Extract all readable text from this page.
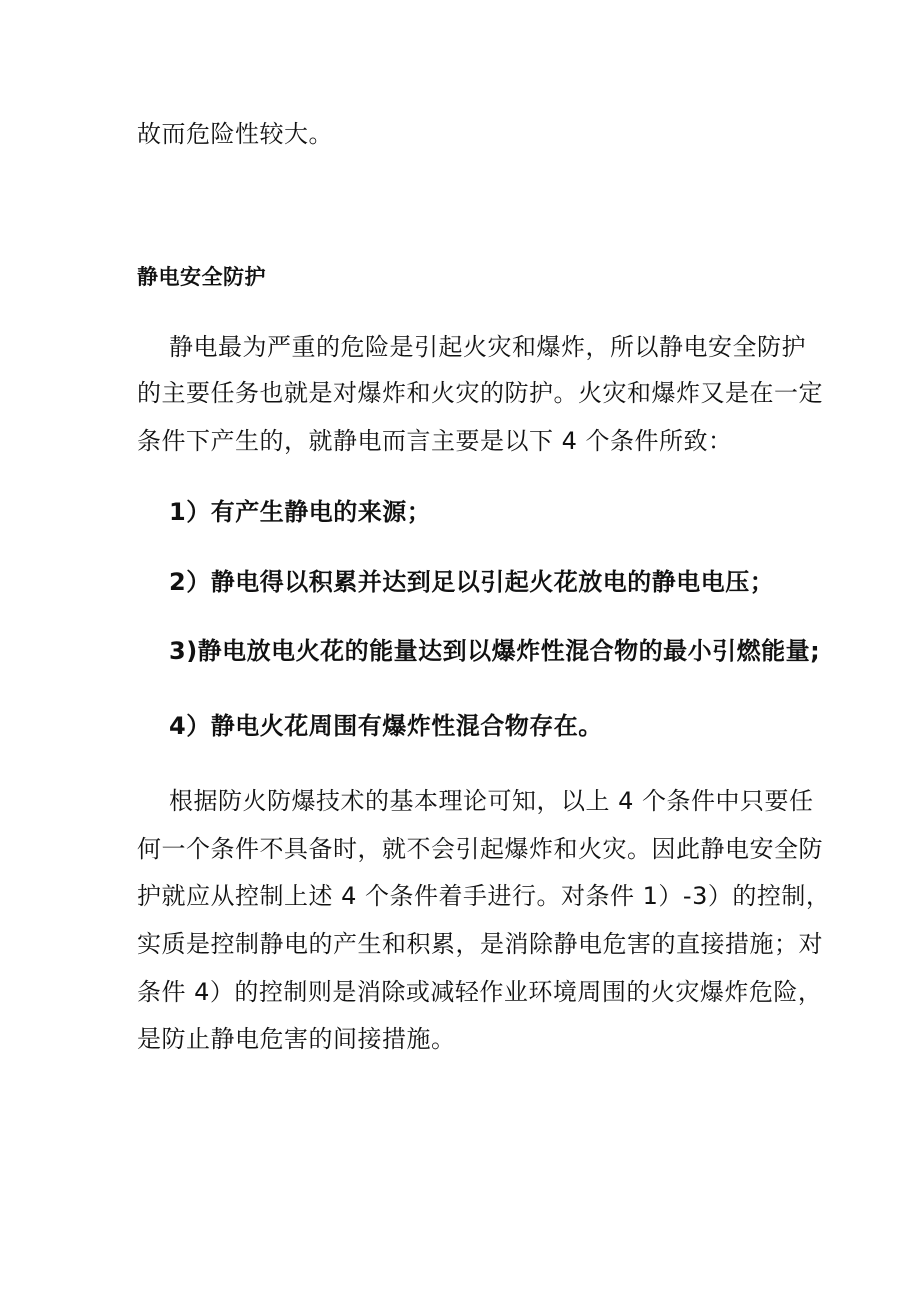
故而危险性较大。
静电安全防护
静电最为严重的危险是引起火灾和爆炸，所以静电安全防护
的主要任务也就是对爆炸和火灾的防护。火灾和爆炸又是在一定
条件下产生的，就静电而言主要是以下 4 个条件所致：
1）有产生静电的来源；
2）静电得以积累并达到足以引起火花放电的静电电压；
3)静电放电火花的能量达到以爆炸性混合物的最小引燃能量;
4）静电火花周围有爆炸性混合物存在。
根据防火防爆技术的基本理论可知，以上 4 个条件中只要任
何一个条件不具备时，就不会引起爆炸和火灾。因此静电安全防
护就应从控制上述 4 个条件着手进行。对条件 1）-3）的控制，
实质是控制静电的产生和积累，是消除静电危害的直接措施；对
条件 4）的控制则是消除或减轻作业环境周围的火灾爆炸危险，
是防止静电危害的间接措施。
